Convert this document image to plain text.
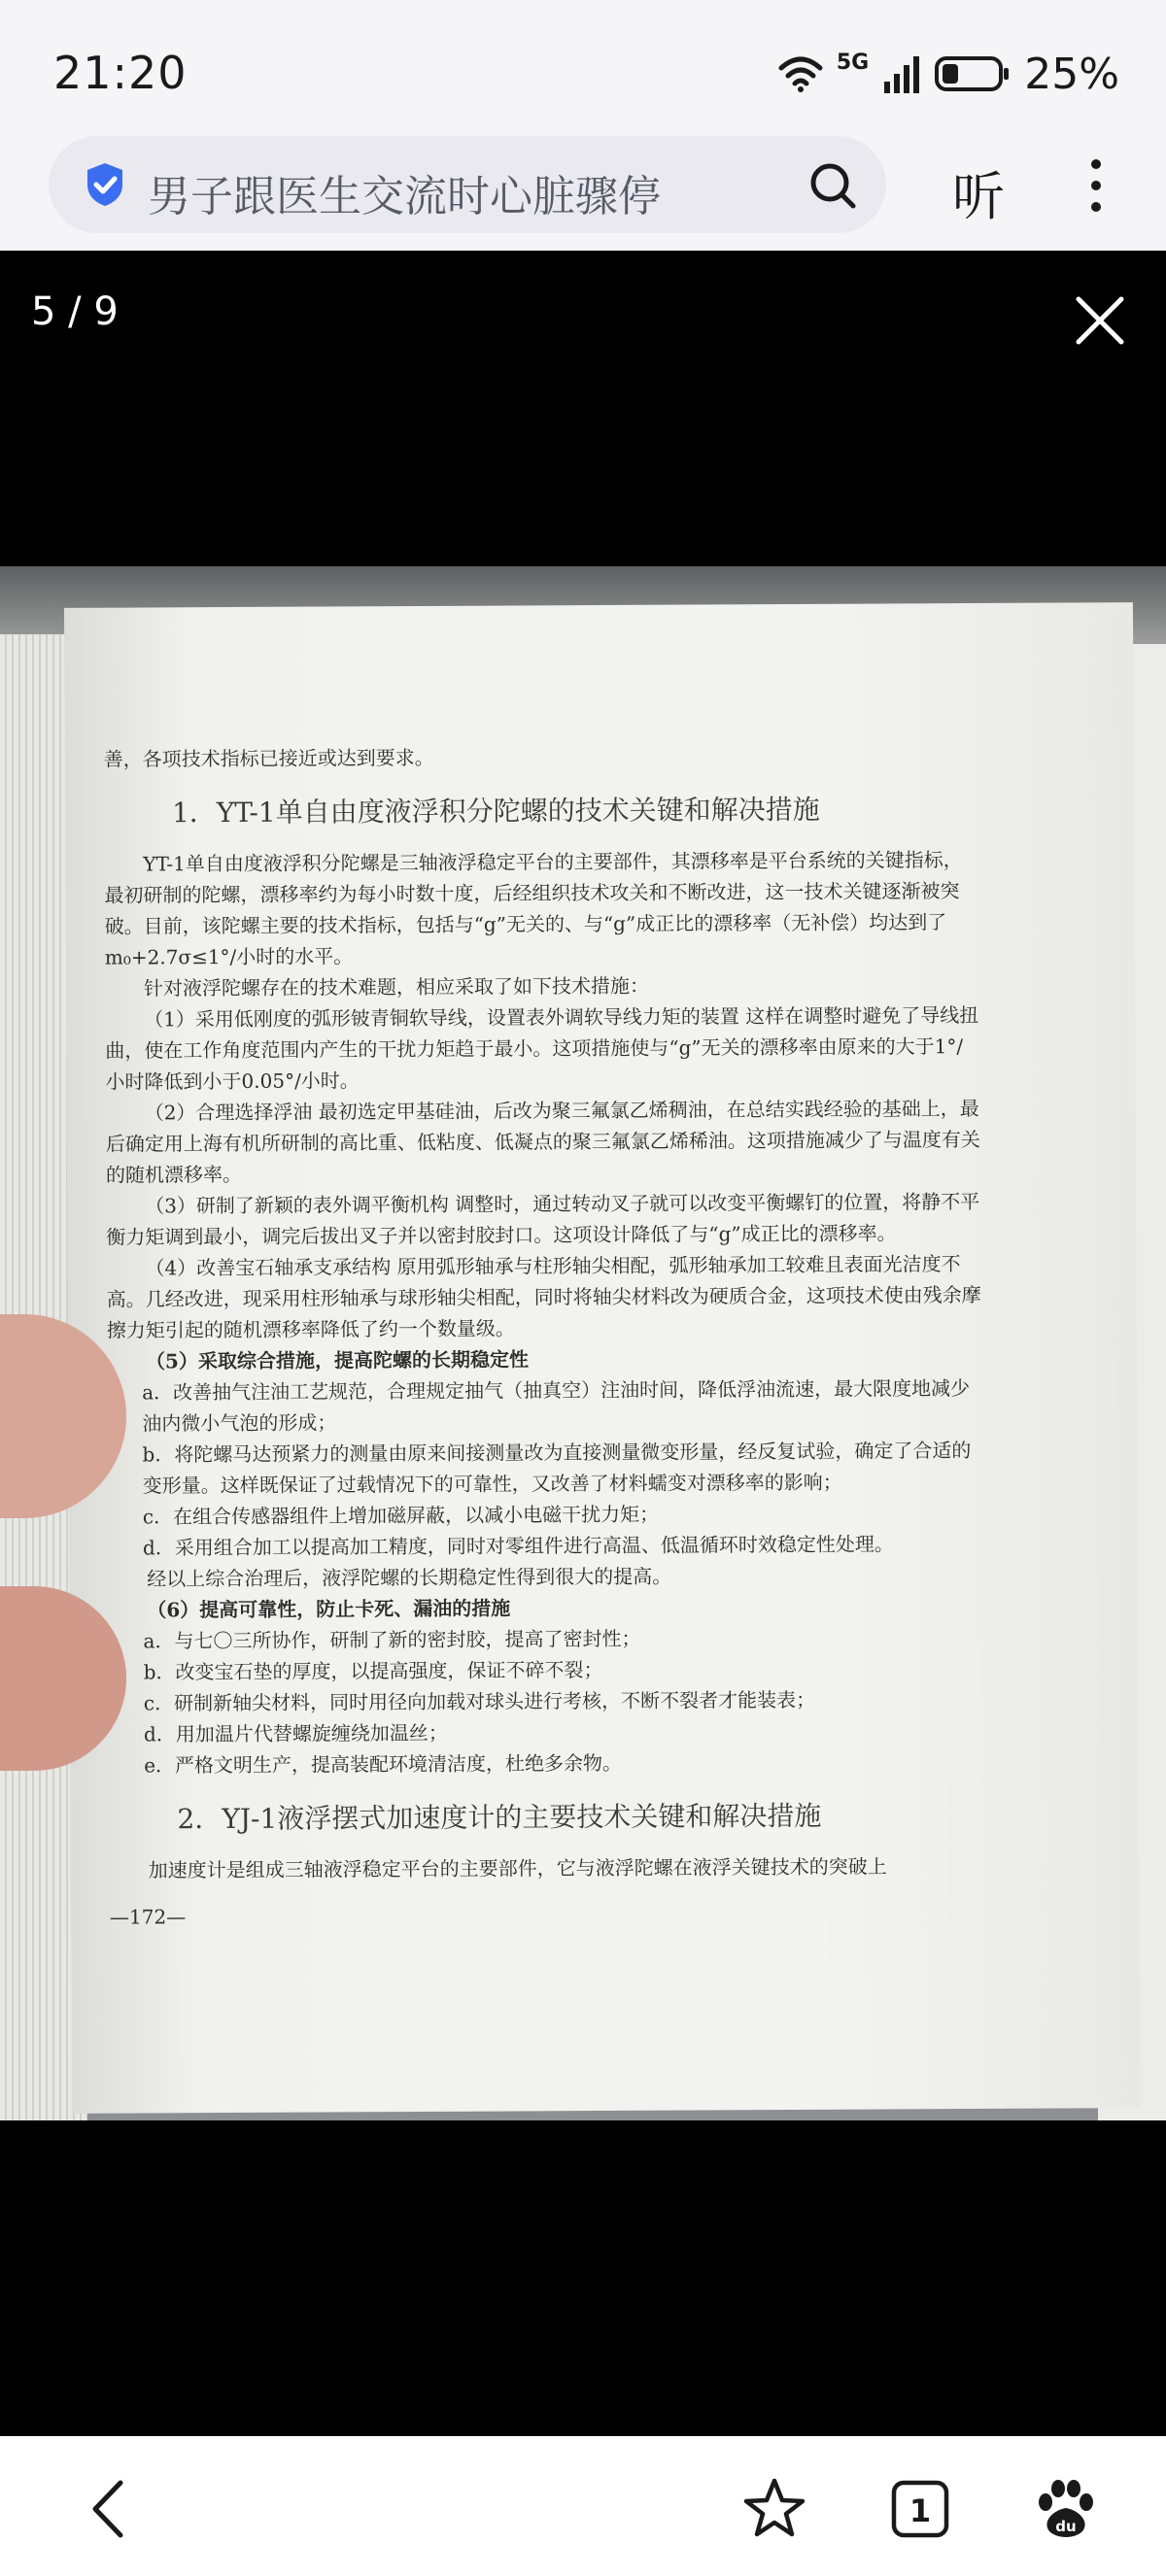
21:20	5G	25%
男子跟医生交流时心脏骤停	听
5 / 9

善，各项技术指标已接近或达到要求。

1．YT-1单自由度液浮积分陀螺的技术关键和解决措施

YT-1单自由度液浮积分陀螺是三轴液浮稳定平台的主要部件，其漂移率是平台系统的关键指标，最初研制的陀螺，漂移率约为每小时数十度，后经组织技术攻关和不断改进，这一技术关键逐渐被突破。目前，该陀螺主要的技术指标，包括与“g”无关的、与“g”成正比的漂移率（无补偿）均达到了m₀+2.7σ≤1°/小时的水平。

针对液浮陀螺存在的技术难题，相应采取了如下技术措施：

（1）采用低刚度的弧形铍青铜软导线，设置表外调软导线力矩的装置 这样在调整时避免了导线扭曲，使在工作角度范围内产生的干扰力矩趋于最小。这项措施使与“g”无关的漂移率由原来的大于1°/小时降低到小于0.05°/小时。

（2）合理选择浮油 最初选定甲基硅油，后改为聚三氟氯乙烯稠油，在总结实践经验的基础上，最后确定用上海有机所研制的高比重、低粘度、低凝点的聚三氟氯乙烯稀油。这项措施减少了与温度有关的随机漂移率。

（3）研制了新颖的表外调平衡机构 调整时，通过转动叉子就可以改变平衡螺钉的位置，将静不平衡力矩调到最小，调完后拔出叉子并以密封胶封口。这项设计降低了与“g”成正比的漂移率。

（4）改善宝石轴承支承结构 原用弧形轴承与柱形轴尖相配，弧形轴承加工较难且表面光洁度不高。几经改进，现采用柱形轴承与球形轴尖相配，同时将轴尖材料改为硬质合金，这项技术使由残余摩擦力矩引起的随机漂移率降低了约一个数量级。

（5）采取综合措施，提高陀螺的长期稳定性

a．改善抽气注油工艺规范，合理规定抽气（抽真空）注油时间，降低浮油流速，最大限度地减少油内微小气泡的形成；

b．将陀螺马达预紧力的测量由原来间接测量改为直接测量微变形量，经反复试验，确定了合适的变形量。这样既保证了过载情况下的可靠性，又改善了材料蠕变对漂移率的影响；

c．在组合传感器组件上增加磁屏蔽，以减小电磁干扰力矩；

d．采用组合加工以提高加工精度，同时对零组件进行高温、低温循环时效稳定性处理。

经以上综合治理后，液浮陀螺的长期稳定性得到很大的提高。

（6）提高可靠性，防止卡死、漏油的措施

a．与七〇三所协作，研制了新的密封胶，提高了密封性；

b．改变宝石垫的厚度，以提高强度，保证不碎不裂；

c．研制新轴尖材料，同时用径向加载对球头进行考核，不断不裂者才能装表；

d．用加温片代替螺旋缠绕加温丝；

e．严格文明生产，提高装配环境清洁度，杜绝多余物。

2．YJ-1液浮摆式加速度计的主要技术关键和解决措施

加速度计是组成三轴液浮稳定平台的主要部件，它与液浮陀螺在液浮关键技术的突破上

—172—

1	du
